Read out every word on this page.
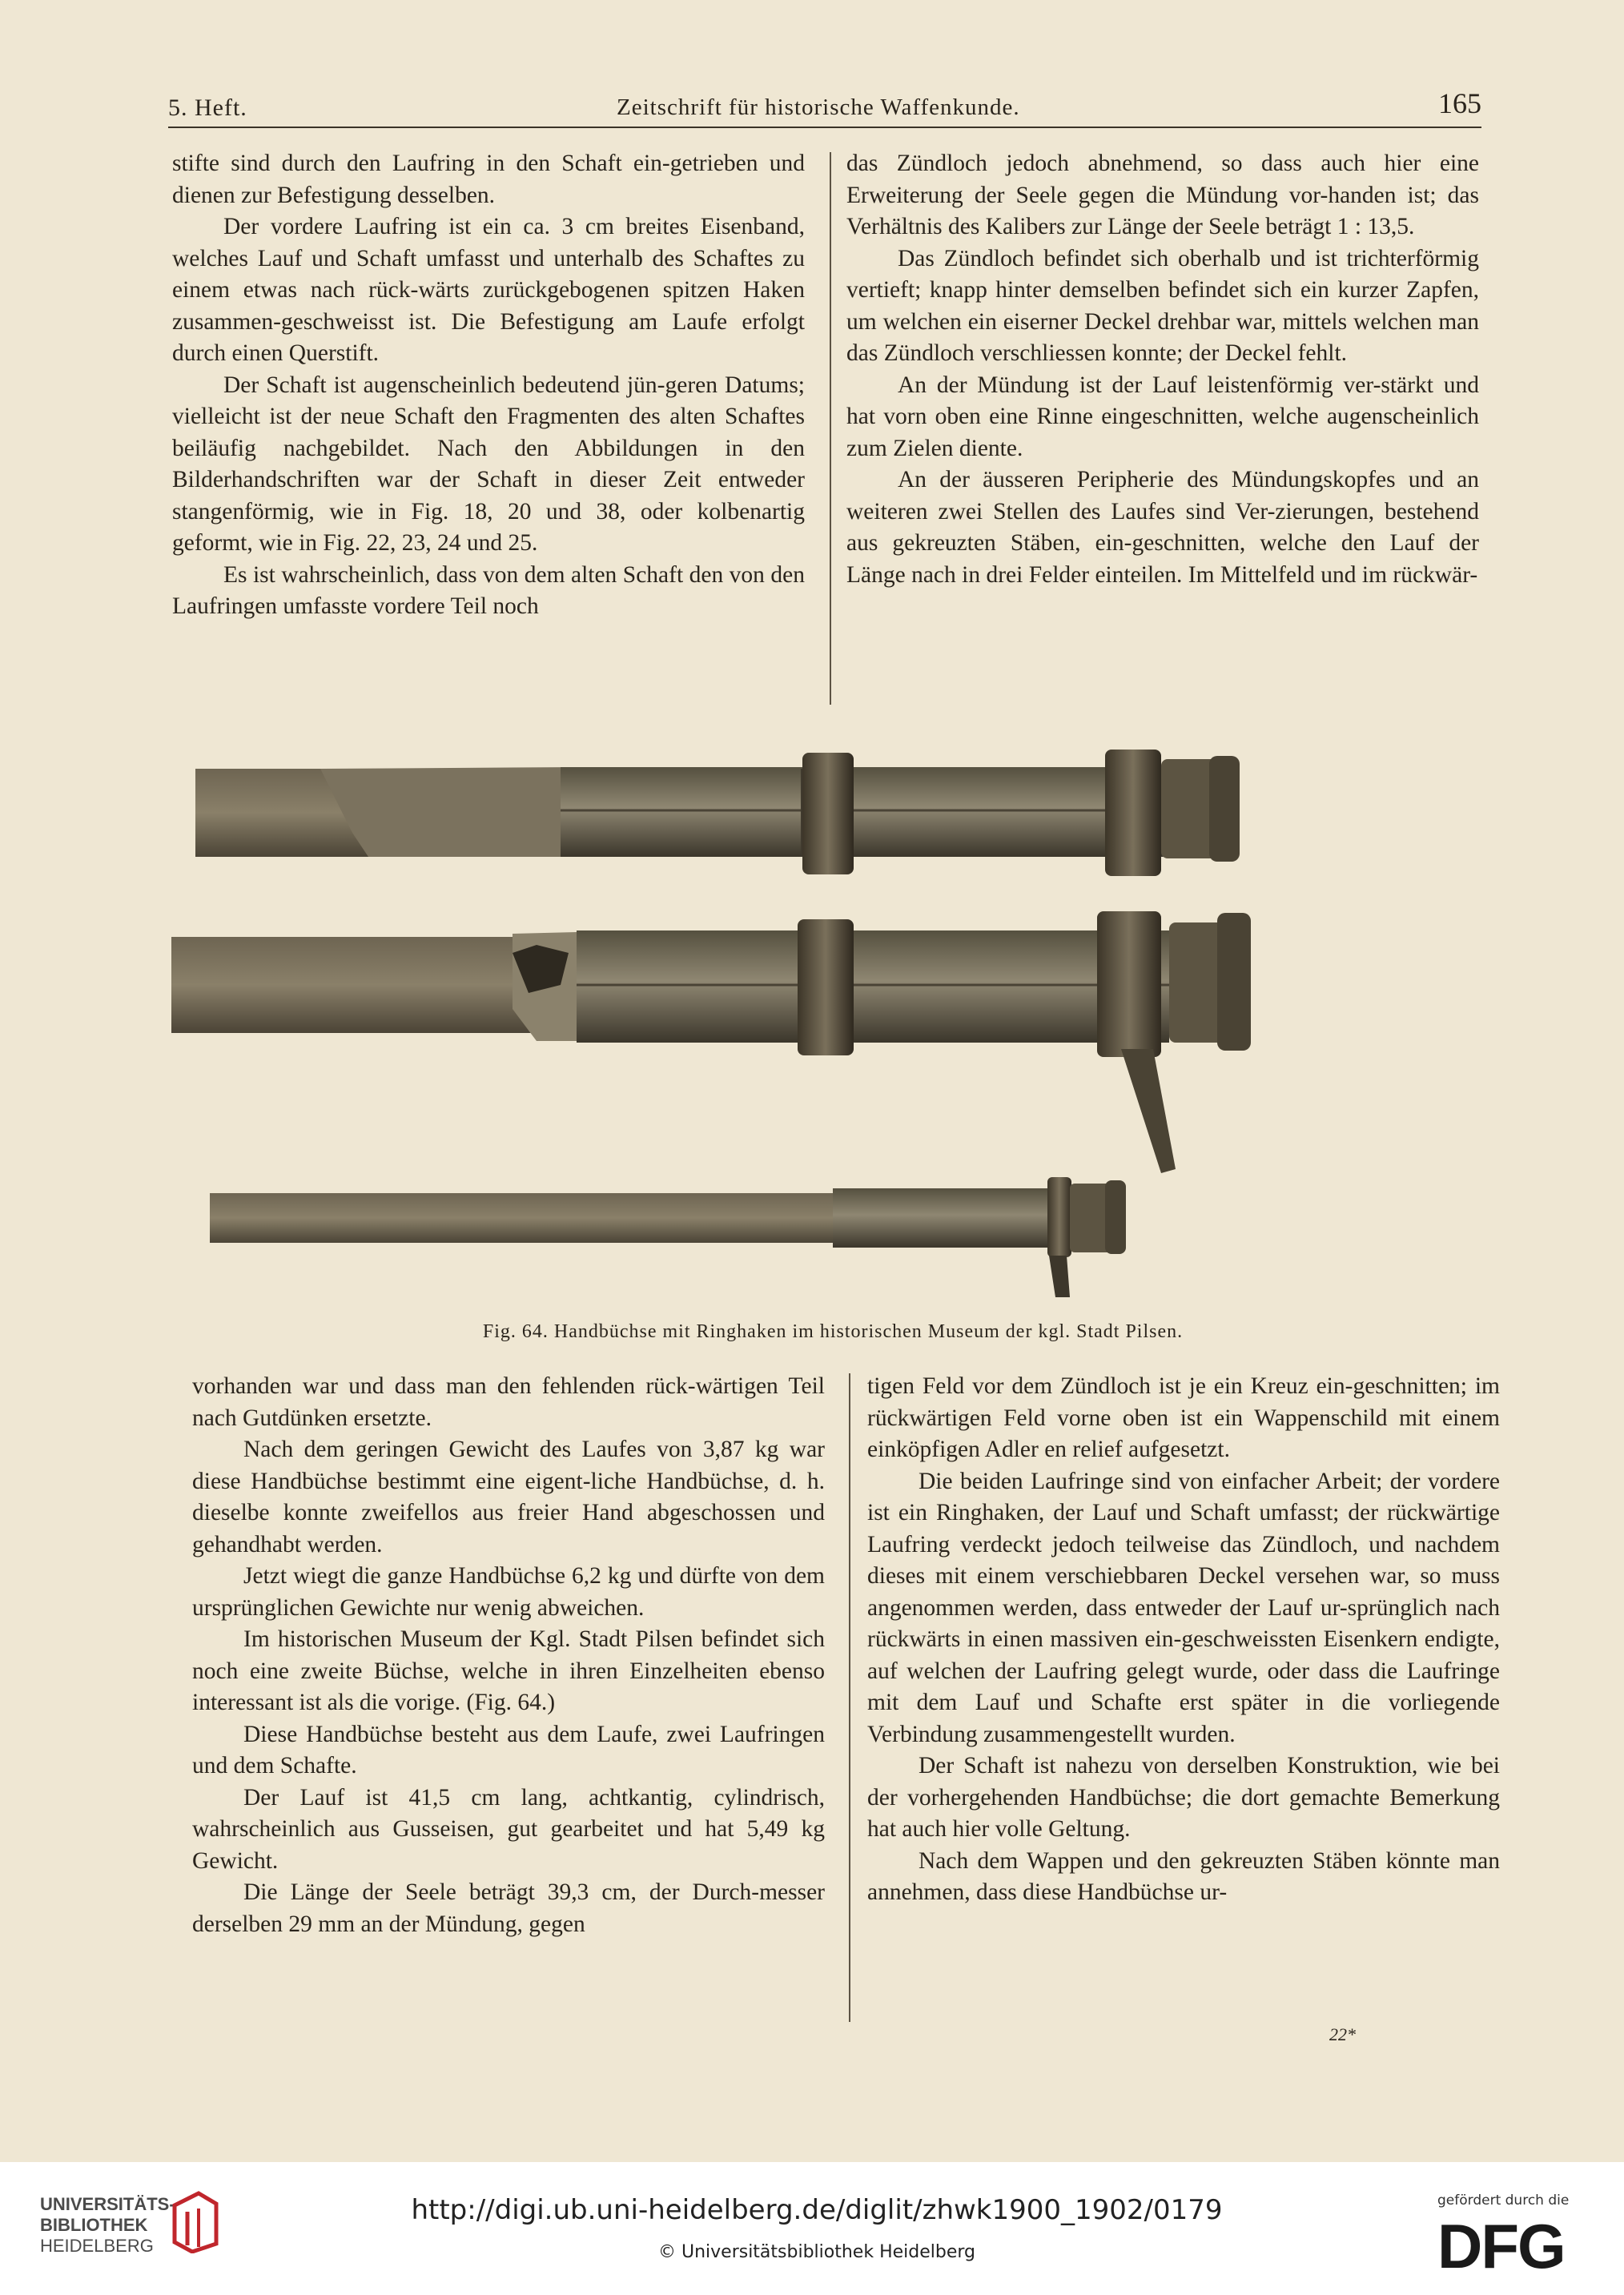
5. Heft.	Zeitschrift für historische Waffenkunde.	165

stifte sind durch den Laufring in den Schaft ein-getrieben und dienen zur Befestigung desselben.

Der vordere Laufring ist ein ca. 3 cm breites Eisenband, welches Lauf und Schaft umfasst und unterhalb des Schaftes zu einem etwas nach rück-wärts zurückgebogenen spitzen Haken zusammen-geschweisst ist. Die Befestigung am Laufe erfolgt durch einen Querstift.

Der Schaft ist augenscheinlich bedeutend jün-geren Datums; vielleicht ist der neue Schaft den Fragmenten des alten Schaftes beiläufig nachgebildet. Nach den Abbildungen in den Bilderhandschriften war der Schaft in dieser Zeit entweder stangenförmig, wie in Fig. 18, 20 und 38, oder kolbenartig geformt, wie in Fig. 22, 23, 24 und 25.

Es ist wahrscheinlich, dass von dem alten Schaft den von den Laufringen umfasste vordere Teil noch

das Zündloch jedoch abnehmend, so dass auch hier eine Erweiterung der Seele gegen die Mündung vor-handen ist; das Verhältnis des Kalibers zur Länge der Seele beträgt 1 : 13,5.

Das Zündloch befindet sich oberhalb und ist trichterförmig vertieft; knapp hinter demselben befindet sich ein kurzer Zapfen, um welchen ein eiserner Deckel drehbar war, mittels welchen man das Zündloch verschliessen konnte; der Deckel fehlt.

An der Mündung ist der Lauf leistenförmig ver-stärkt und hat vorn oben eine Rinne eingeschnitten, welche augenscheinlich zum Zielen diente.

An der äusseren Peripherie des Mündungskopfes und an weiteren zwei Stellen des Laufes sind Ver-zierungen, bestehend aus gekreuzten Stäben, ein-geschnitten, welche den Lauf der Länge nach in drei Felder einteilen. Im Mittelfeld und im rückwär-

Fig. 64. Handbüchse mit Ringhaken im historischen Museum der kgl. Stadt Pilsen.

vorhanden war und dass man den fehlenden rück-wärtigen Teil nach Gutdünken ersetzte.

Nach dem geringen Gewicht des Laufes von 3,87 kg war diese Handbüchse bestimmt eine eigent-liche Handbüchse, d. h. dieselbe konnte zweifellos aus freier Hand abgeschossen und gehandhabt werden.

Jetzt wiegt die ganze Handbüchse 6,2 kg und dürfte von dem ursprünglichen Gewichte nur wenig abweichen.

Im historischen Museum der Kgl. Stadt Pilsen befindet sich noch eine zweite Büchse, welche in ihren Einzelheiten ebenso interessant ist als die vorige. (Fig. 64.)

Diese Handbüchse besteht aus dem Laufe, zwei Laufringen und dem Schafte.

Der Lauf ist 41,5 cm lang, achtkantig, cylindrisch, wahrscheinlich aus Gusseisen, gut gearbeitet und hat 5,49 kg Gewicht.

Die Länge der Seele beträgt 39,3 cm, der Durch-messer derselben 29 mm an der Mündung, gegen

tigen Feld vor dem Zündloch ist je ein Kreuz ein-geschnitten; im rückwärtigen Feld vorne oben ist ein Wappenschild mit einem einköpfigen Adler en relief aufgesetzt.

Die beiden Laufringe sind von einfacher Arbeit; der vordere ist ein Ringhaken, der Lauf und Schaft umfasst; der rückwärtige Laufring verdeckt jedoch teilweise das Zündloch, und nachdem dieses mit einem verschiebbaren Deckel versehen war, so muss angenommen werden, dass entweder der Lauf ur-sprünglich nach rückwärts in einen massiven ein-geschweissten Eisenkern endigte, auf welchen der Laufring gelegt wurde, oder dass die Laufringe mit dem Lauf und Schafte erst später in die vorliegende Verbindung zusammengestellt wurden.

Der Schaft ist nahezu von derselben Konstruktion, wie bei der vorhergehenden Handbüchse; die dort gemachte Bemerkung hat auch hier volle Geltung.

Nach dem Wappen und den gekreuzten Stäben könnte man annehmen, dass diese Handbüchse ur-

22*
UNIVERSITÄTS-
BIBLIOTHEK
HEIDELBERG
http://digi.ub.uni-heidelberg.de/diglit/zhwk1900_1902/0179
© Universitätsbibliothek Heidelberg
gefördert durch die
DFG
